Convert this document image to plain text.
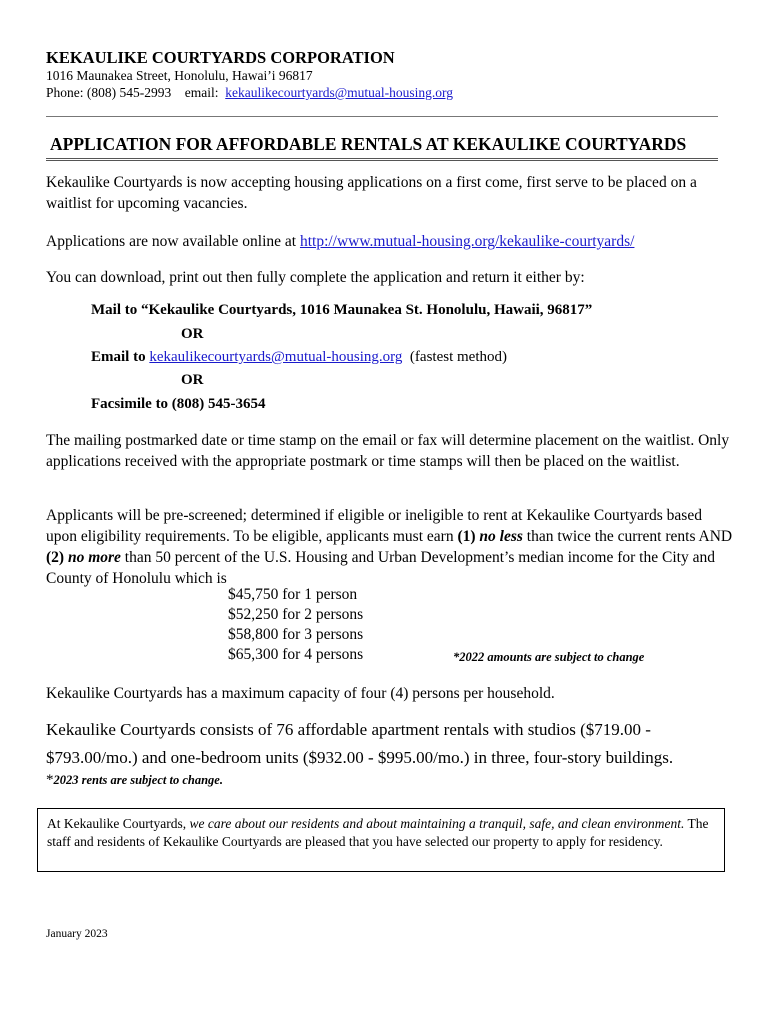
KEKAULIKE COURTYARDS CORPORATION
1016 Maunakea Street, Honolulu, Hawai’i 96817
Phone: (808) 545-2993    email:  kekaulikecourtyards@mutual-housing.org
APPLICATION FOR AFFORDABLE RENTALS AT KEKAULIKE COURTYARDS
Kekaulike Courtyards is now accepting housing applications on a first come, first serve to be placed on a waitlist for upcoming vacancies.
Applications are now available online at http://www.mutual-housing.org/kekaulike-courtyards/
You can download, print out then fully complete the application and return it either by:
Mail to “Kekaulike Courtyards, 1016 Maunakea St. Honolulu, Hawaii, 96817”
OR
Email to kekaulikecourtyards@mutual-housing.org  (fastest method)
OR
Facsimile to (808) 545-3654
The mailing postmarked date or time stamp on the email or fax will determine placement on the waitlist. Only applications received with the appropriate postmark or time stamps will then be placed on the waitlist.
Applicants will be pre-screened; determined if eligible or ineligible to rent at Kekaulike Courtyards based upon eligibility requirements. To be eligible, applicants must earn (1) no less than twice the current rents AND (2) no more than 50 percent of the U.S. Housing and Urban Development’s median income for the City and County of Honolulu which is
$45,750 for 1 person
$52,250 for 2 persons
$58,800 for 3 persons
$65,300 for 4 persons	*2022 amounts are subject to change
Kekaulike Courtyards has a maximum capacity of four (4) persons per household.
Kekaulike Courtyards consists of 76 affordable apartment rentals with studios ($719.00 - $793.00/mo.) and one-bedroom units ($932.00 - $995.00/mo.) in three, four-story buildings.
*2023 rents are subject to change.
At Kekaulike Courtyards, we care about our residents and about maintaining a tranquil, safe, and clean environment. The staff and residents of Kekaulike Courtyards are pleased that you have selected our property to apply for residency.
January 2023
